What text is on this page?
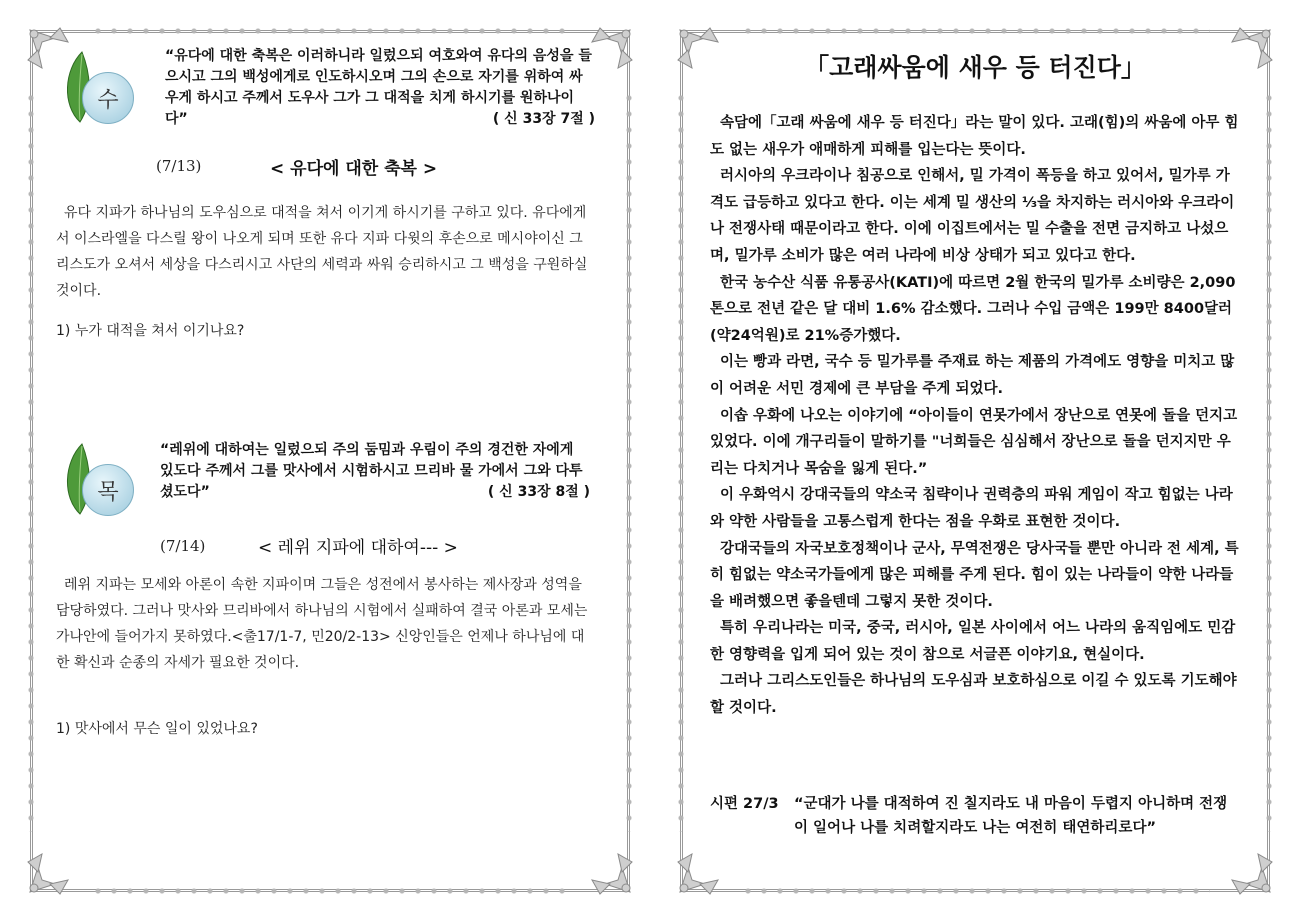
수
“유다에 대한 축복은 이러하니라 일렀으되 여호와여 유다의 음성을 들으시고 그의 백성에게로 인도하시오며 그의 손으로 자기를 위하여 싸우게 하시고 주께서 도우사 그가 그 대적을 치게 하시기를 원하나이다”	( 신 33장 7절 )
(7/13)	< 유다에 대한 축복 >
유다 지파가 하나님의 도우심으로 대적을 쳐서 이기게 하시기를 구하고 있다. 유다에게서 이스라엘을 다스릴 왕이 나오게 되며 또한 유다 지파 다윗의 후손으로 메시야이신 그리스도가 오셔서 세상을 다스리시고 사단의 세력과 싸워 승리하시고 그 백성을 구원하실 것이다.
1) 누가 대적을 쳐서 이기나요?
목
“레위에 대하여는 일렀으되 주의 둠밈과 우림이 주의 경건한 자에게 있도다 주께서 그를 맛사에서 시험하시고 므리바 물 가에서 그와 다투셨도다”	( 신 33장 8절 )
(7/14)	< 레위 지파에 대하여--- >
레위 지파는 모세와 아론이 속한 지파이며 그들은 성전에서 봉사하는 제사장과 성역을 담당하였다. 그러나 맛사와 므리바에서 하나님의 시험에서 실패하여 결국 아론과 모세는 가나안에 들어가지 못하였다.<출17/1-7, 민20/2-13> 신앙인들은 언제나 하나님에 대한 확신과 순종의 자세가 필요한 것이다.
1) 맛사에서 무슨 일이 있었나요?
「고래싸움에 새우 등 터진다」

속담에「고래 싸움에 새우 등 터진다」라는 말이 있다. 고래(힘)의 싸움에 아무 힘도 없는 새우가 애매하게 피해를 입는다는 뜻이다.

러시아의 우크라이나 침공으로 인해서, 밀 가격이 폭등을 하고 있어서, 밀가루 가격도 급등하고 있다고 한다. 이는 세계 밀 생산의 ⅓을 차지하는 러시아와 우크라이나 전쟁사태 때문이라고 한다. 이에 이집트에서는 밀 수출을 전면 금지하고 나섰으며, 밀가루 소비가 많은 여러 나라에 비상 상태가 되고 있다고 한다.

한국 농수산 식품 유통공사(KATI)에 따르면 2월 한국의 밀가루 소비량은 2,090톤으로 전년 같은 달 대비 1.6% 감소했다. 그러나 수입 금액은 199만 8400달러(약24억원)로 21%증가했다.

이는 빵과 라면, 국수 등 밀가루를 주재료 하는 제품의 가격에도 영향을 미치고 많이 어려운 서민 경제에 큰 부담을 주게 되었다.

이솝 우화에 나오는 이야기에 “아이들이 연못가에서 장난으로 연못에 돌을 던지고 있었다. 이에 개구리들이 말하기를 "너희들은 심심해서 장난으로 돌을 던지지만 우리는 다치거나 목숨을 잃게 된다.”

이 우화억시 강대국들의 약소국 침략이나 권력층의 파워 게임이 작고 힘없는 나라와 약한 사람들을 고통스럽게 한다는 점을 우화로 표현한 것이다.

강대국들의 자국보호정책이나 군사, 무역전쟁은 당사국들 뿐만 아니라 전 세계, 특히 힘없는 약소국가들에게 많은 피해를 주게 된다. 힘이 있는 나라들이 약한 나라들을 배려했으면 좋을텐데 그렇지 못한 것이다.

특히 우리나라는 미국, 중국, 러시아, 일본 사이에서 어느 나라의 움직임에도 민감한 영향력을 입게 되어 있는 것이 참으로 서글픈 이야기요, 현실이다.

그러나 그리스도인들은 하나님의 도우심과 보호하심으로 이길 수 있도록 기도해야 할 것이다.

시편 27/3 “군대가 나를 대적하여 진 칠지라도 내 마음이 두렵지 아니하며 전쟁이 일어나 나를 치려할지라도 나는 여전히 태연하리로다”
